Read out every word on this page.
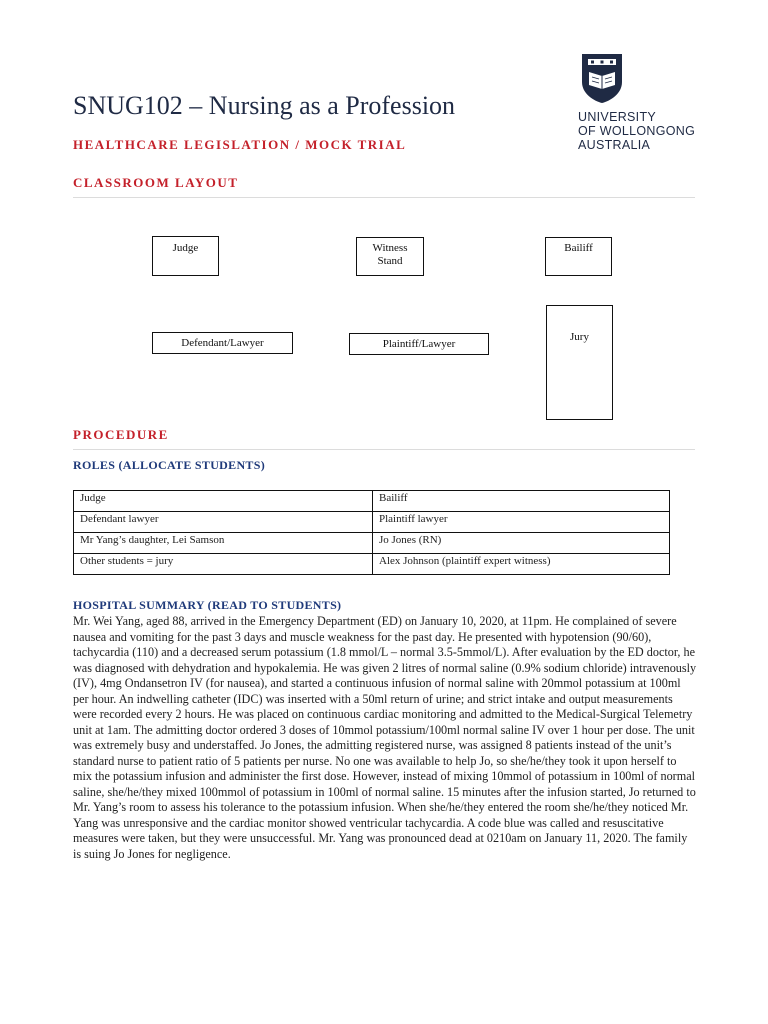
SNUG102 – Nursing as a Profession
HEALTHCARE LEGISLATION / MOCK TRIAL
UNIVERSITY
OF WOLLONGONG
AUSTRALIA
CLASSROOM LAYOUT
Judge	Witness
Stand
Bailiff
Defendant/Lawyer	Plaintiff/Lawyer
Jury
PROCEDURE
ROLES (ALLOCATE STUDENTS)
Judge	Bailiff
Defendant lawyer	Plaintiff lawyer
Mr Yang’s daughter, Lei Samson	Jo Jones (RN)
Other students = jury	Alex Johnson (plaintiff expert witness)
HOSPITAL SUMMARY (READ TO STUDENTS)
Mr. Wei Yang, aged 88, arrived in the Emergency Department (ED) on January 10, 2020, at 11pm. He complained of severe nausea and vomiting for the past 3 days and muscle weakness for the past day. He presented with hypotension (90/60), tachycardia (110) and a decreased serum potassium (1.8 mmol/L – normal 3.5-5mmol/L). After evaluation by the ED doctor, he was diagnosed with dehydration and hypokalemia. He was given 2 litres of normal saline (0.9% sodium chloride) intravenously (IV), 4mg Ondansetron IV (for nausea), and started a continuous infusion of normal saline with 20mmol potassium at 100ml per hour. An indwelling catheter (IDC) was inserted with a 50ml return of urine; and strict intake and output measurements were recorded every 2 hours. He was placed on continuous cardiac monitoring and admitted to the Medical-Surgical Telemetry unit at 1am. The admitting doctor ordered 3 doses of 10mmol potassium/100ml normal saline IV over 1 hour per dose. The unit was extremely busy and understaffed. Jo Jones, the admitting registered nurse, was assigned 8 patients instead of the unit’s standard nurse to patient ratio of 5 patients per nurse. No one was available to help Jo, so she/he/they took it upon herself to mix the potassium infusion and administer the first dose. However, instead of mixing 10mmol of potassium in 100ml of normal saline, she/he/they mixed 100mmol of potassium in 100ml of normal saline. 15 minutes after the infusion started, Jo returned to Mr. Yang’s room to assess his tolerance to the potassium infusion. When she/he/they entered the room she/he/they noticed Mr. Yang was unresponsive and the cardiac monitor showed ventricular tachycardia. A code blue was called and resuscitative measures were taken, but they were unsuccessful. Mr. Yang was pronounced dead at 0210am on January 11, 2020. The family is suing Jo Jones for negligence.
